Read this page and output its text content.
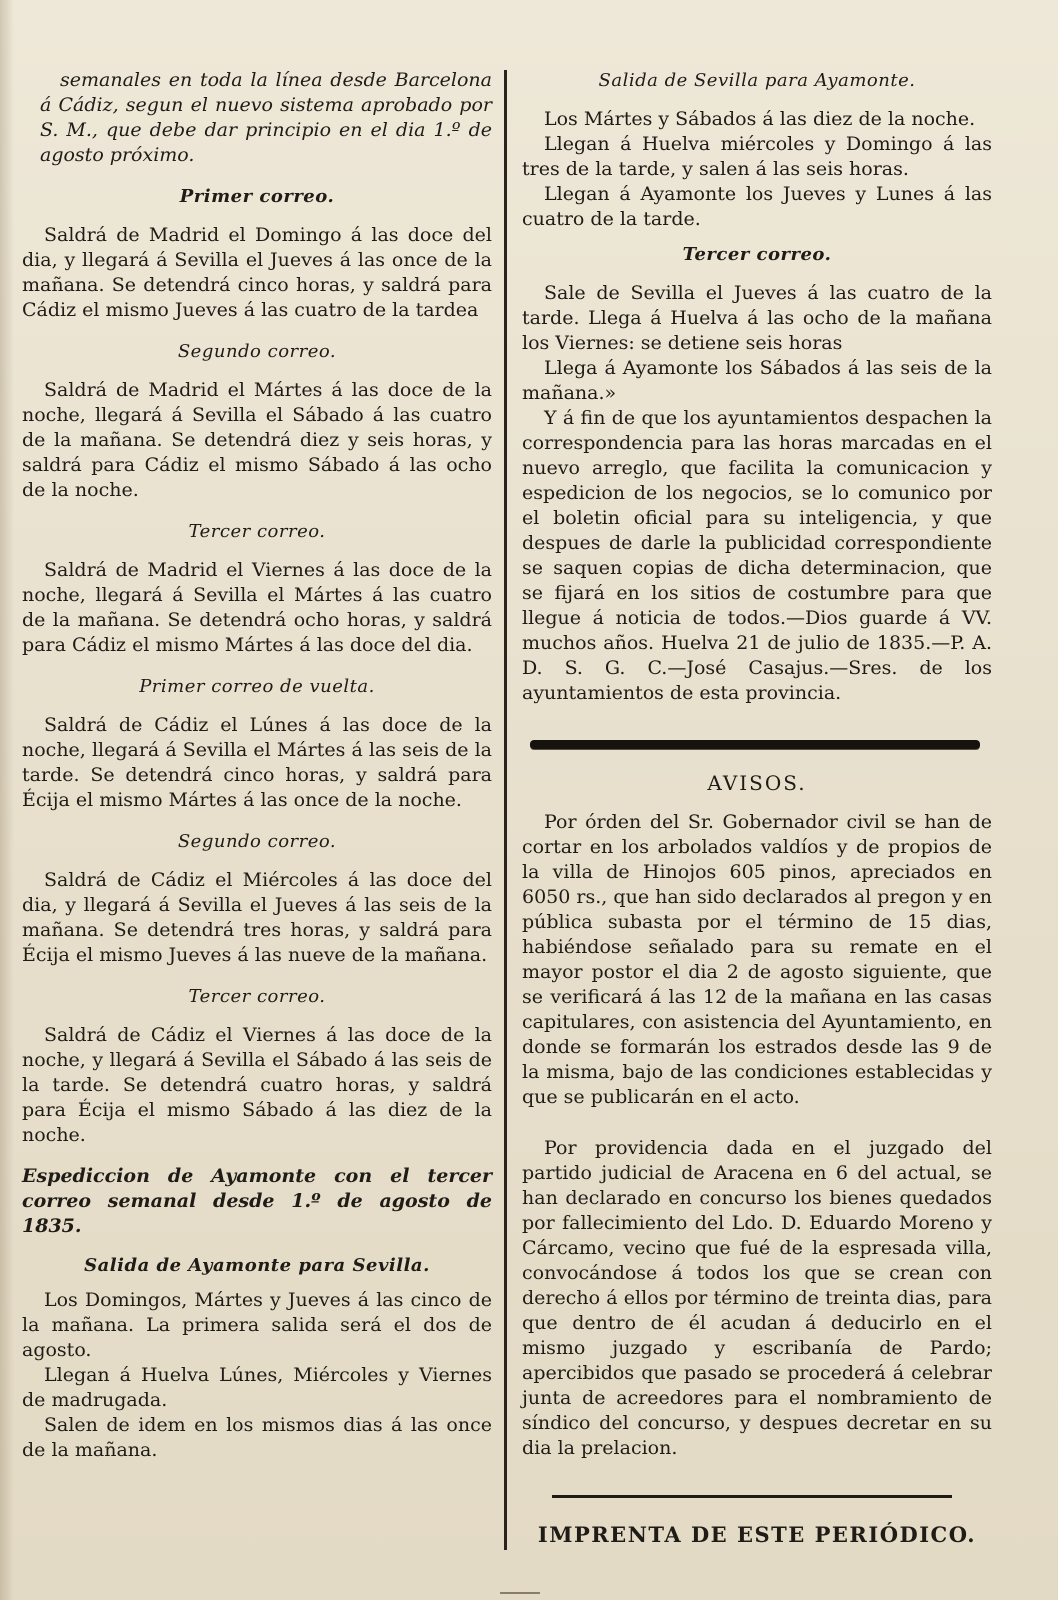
semanales en toda la línea desde Barcelona á Cádiz, segun el nuevo sistema aprobado por S. M., que debe dar principio en el dia 1.º de agosto próximo.

Primer correo.

Saldrá de Madrid el Domingo á las doce del dia, y llegará á Sevilla el Jueves á las once de la mañana. Se detendrá cinco horas, y saldrá para Cádiz el mismo Jueves á las cuatro de la tardea

Segundo correo.

Saldrá de Madrid el Mártes á las doce de la noche, llegará á Sevilla el Sábado á las cuatro de la mañana. Se detendrá diez y seis horas, y saldrá para Cádiz el mismo Sábado á las ocho de la noche.

Tercer correo.

Saldrá de Madrid el Viernes á las doce de la noche, llegará á Sevilla el Mártes á las cuatro de la mañana. Se detendrá ocho horas, y saldrá para Cádiz el mismo Mártes á las doce del dia.

Primer correo de vuelta.

Saldrá de Cádiz el Lúnes á las doce de la noche, llegará á Sevilla el Mártes á las seis de la tarde. Se detendrá cinco horas, y saldrá para Écija el mismo Mártes á las once de la noche.

Segundo correo.

Saldrá de Cádiz el Miércoles á las doce del dia, y llegará á Sevilla el Jueves á las seis de la mañana. Se detendrá tres horas, y saldrá para Écija el mismo Jueves á las nueve de la mañana.

Tercer correo.

Saldrá de Cádiz el Viernes á las doce de la noche, y llegará á Sevilla el Sábado á las seis de la tarde. Se detendrá cuatro horas, y saldrá para Écija el mismo Sábado á las diez de la noche.

Espediccion de Ayamonte con el tercer correo semanal desde 1.º de agosto de 1835.

Salida de Ayamonte para Sevilla.

Los Domingos, Mártes y Jueves á las cinco de la mañana. La primera salida será el dos de agosto.

Llegan á Huelva Lúnes, Miércoles y Viernes de madrugada.

Salen de idem en los mismos dias á las once de la mañana.

Salida de Sevilla para Ayamonte.

Los Mártes y Sábados á las diez de la noche.

Llegan á Huelva miércoles y Domingo á las tres de la tarde, y salen á las seis horas.

Llegan á Ayamonte los Jueves y Lunes á las cuatro de la tarde.

Tercer correo.

Sale de Sevilla el Jueves á las cuatro de la tarde. Llega á Huelva á las ocho de la mañana los Viernes: se detiene seis horas

Llega á Ayamonte los Sábados á las seis de la mañana.»

Y á fin de que los ayuntamientos despachen la correspondencia para las horas marcadas en el nuevo arreglo, que facilita la comunicacion y espedicion de los negocios, se lo comunico por el boletin oficial para su inteligencia, y que despues de darle la publicidad correspondiente se saquen copias de dicha determinacion, que se fijará en los sitios de costumbre para que llegue á noticia de todos.—Dios guarde á VV. muchos años. Huelva 21 de julio de 1835.—P. A. D. S. G. C.—José Casajus.—Sres. de los ayuntamientos de esta provincia.

AVISOS.

Por órden del Sr. Gobernador civil se han de cortar en los arbolados valdíos y de propios de la villa de Hinojos 605 pinos, apreciados en 6050 rs., que han sido declarados al pregon y en pública subasta por el término de 15 dias, habiéndose señalado para su remate en el mayor postor el dia 2 de agosto siguiente, que se verificará á las 12 de la mañana en las casas capitulares, con asistencia del Ayuntamiento, en donde se formarán los estrados desde las 9 de la misma, bajo de las condiciones establecidas y que se publicarán en el acto.

Por providencia dada en el juzgado del partido judicial de Aracena en 6 del actual, se han declarado en concurso los bienes quedados por fallecimiento del Ldo. D. Eduardo Moreno y Cárcamo, vecino que fué de la espresada villa, convocándose á todos los que se crean con derecho á ellos por término de treinta dias, para que dentro de él acudan á deducirlo en el mismo juzgado y escribanía de Pardo; apercibidos que pasado se procederá á celebrar junta de acreedores para el nombramiento de síndico del concurso, y despues decretar en su dia la prelacion.

IMPRENTA DE ESTE PERIÓDICO.
